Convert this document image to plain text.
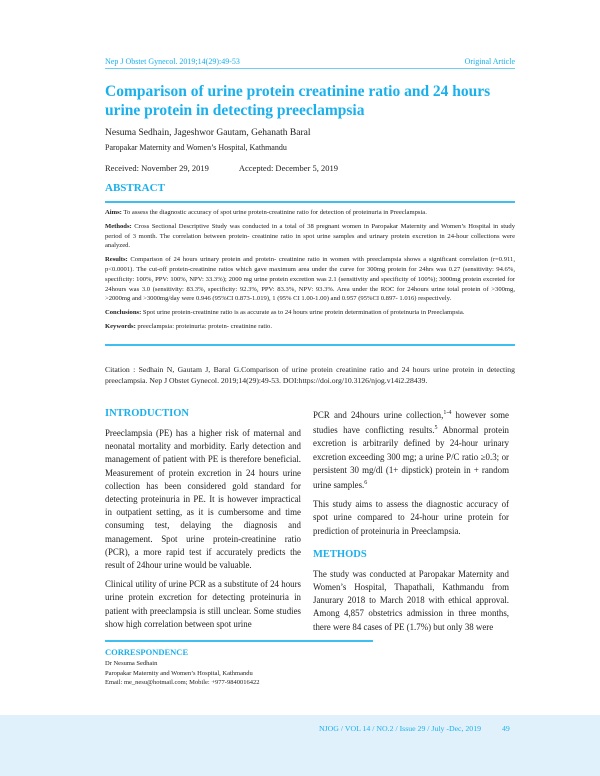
Nep J Obstet Gynecol. 2019;14(29):49-53	Original Article
Comparison of urine protein creatinine ratio and 24 hours urine protein in detecting preeclampsia
Nesuma Sedhain, Jageshwor Gautam, Gehanath Baral
Paropakar Maternity and Women’s Hospital, Kathmandu
Received: November 29, 2019	Accepted: December 5, 2019
ABSTRACT

Aims: To assess the diagnostic accuracy of spot urine protein-creatinine ratio for detection of proteinuria in Preeclampsia.

Methods: Cross Sectional Descriptive Study was conducted in a total of 38 pregnant women in Paropakar Maternity and Women’s Hospital in study period of 3 month. The correlation between protein- creatinine ratio in spot urine samples and urinary protein excretion in 24-hour collections were analyzed.

Results: Comparison of 24 hours urinary protein and protein- creatinine ratio in women with preeclampsia shows a significant correlation (r=0.911, p<0.0001). The cut-off protein-creatinine ratios which gave maximum area under the curve for 300mg protein for 24hrs was 0.27 (sensitivity: 94.6%, specificity: 100%, PPV: 100%, NPV: 33.3%); 2000 mg urine protein excretion was 2.1 (sensitivity and specificity of 100%); 3000mg protein excreted for 24hours was 3.0 (sensitivity: 83.3%, specificity: 92.3%, PPV: 83.3%, NPV: 93.3%. Area under the ROC for 24hours urine total protein of >300mg, >2000mg and >3000mg/day were 0.946 (95%CI 0.873-1.019), 1 (95% CI 1.00-1.00) and 0.957 (95%CI 0.897- 1.016) respectively.

Conclusions: Spot urine protein-creatinine ratio is as accurate as to 24 hours urine protein determination of proteinuria in Preeclampsia.

Keywords: preeclampsia: proteinuria: protein- creatinine ratio.

Citation : Sedhain N, Gautam J, Baral G.Comparison of urine protein creatinine ratio and 24 hours urine protein in detecting preeclampsia. Nep J Obstet Gynecol. 2019;14(29):49-53. DOI:https://doi.org/10.3126/njog.v14i2.28439.
INTRODUCTION

Preeclampsia (PE) has a higher risk of maternal and neonatal mortality and morbidity. Early detection and management of patient with PE is therefore beneficial. Measurement of protein excretion in 24 hours urine collection has been considered gold standard for detecting proteinuria in PE. It is however impractical in outpatient setting, as it is cumbersome and time consuming test, delaying the diagnosis and management. Spot urine protein-creatinine ratio (PCR), a more rapid test if accurately predicts the result of 24hour urine would be valuable.

Clinical utility of urine PCR as a substitute of 24 hours urine protein excretion for detecting proteinuria in patient with preeclampsia is still unclear. Some studies show high correlation between spot urine

PCR and 24hours urine collection,$^{1-4}$ however some studies have conflicting results.$^5$ Abnormal protein excretion is arbitrarily defined by 24-hour urinary excretion exceeding 300 mg; a urine P/C ratio ≥0.3; or persistent 30 mg/dl (1+ dipstick) protein in + random urine samples.$^6$

This study aims to assess the diagnostic accuracy of spot urine compared to 24-hour urine protein for prediction of proteinuria in Preeclampsia.

METHODS

The study was conducted at Paropakar Maternity and Women’s Hospital, Thapathali, Kathmandu from Janurary 2018 to March 2018 with ethical approval. Among 4,857 obstetrics admission in three months, there were 84 cases of PE (1.7%) but only 38 were

CORRESPONDENCE
Dr Nesuma Sedhain
Paropakar Maternity and Women’s Hospital, Kathmandu
Email: me_nesu@hotmail.com; Mobile: +977-9840016422
NJOG / VOL 14 / NO.2 / Issue 29 / July -Dec, 2019	49
